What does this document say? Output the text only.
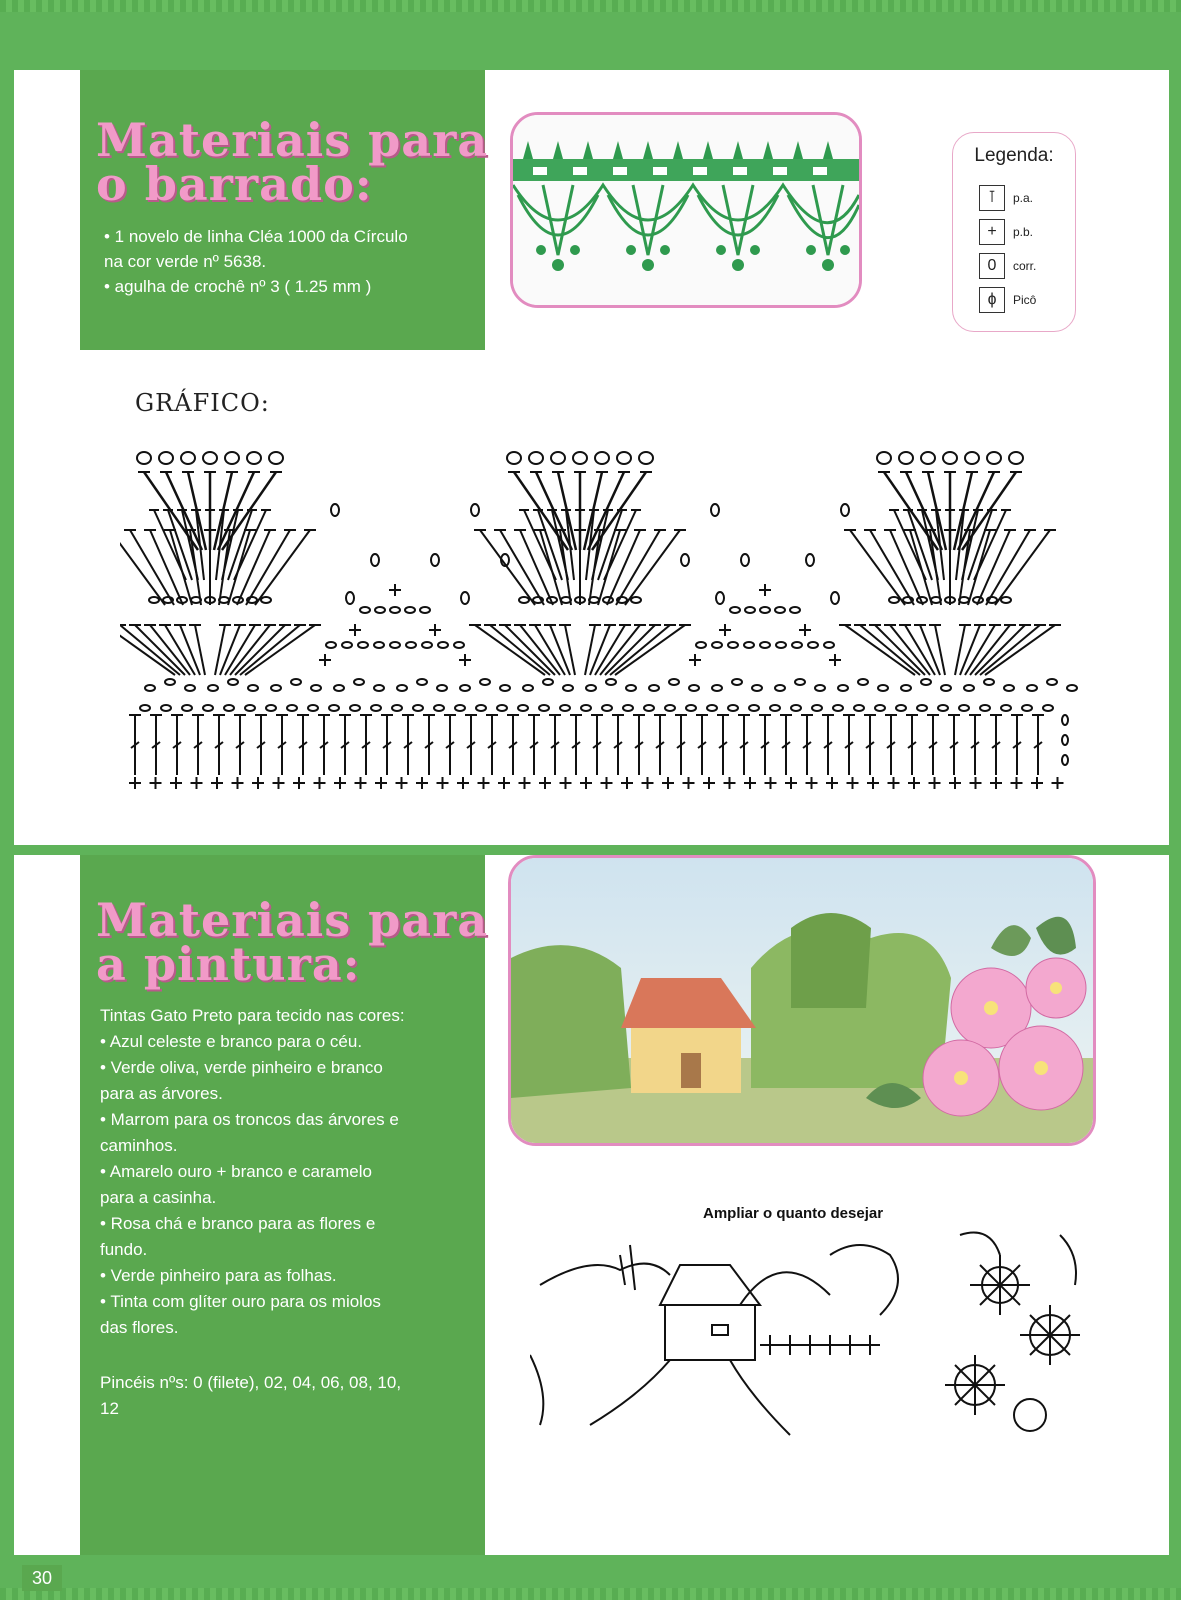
Materiais para
o barrado:
• 1 novelo de linha Cléa 1000 da Círculo
na cor verde nº 5638.
• agulha de crochê nº 3 ( 1.25 mm )
Legenda:
⊺	p.a.
+	p.b.
0	corr.
ɸ	Picô
GRÁFICO:
Materiais para
a pintura:
Tintas Gato Preto para tecido nas cores:
• Azul celeste e branco para o céu.
• Verde oliva, verde pinheiro e branco
para as árvores.
• Marrom para os troncos das árvores e
caminhos.
• Amarelo ouro + branco e caramelo
para a casinha.
• Rosa chá e branco para as flores e
fundo.
• Verde pinheiro para as folhas.
• Tinta com glíter ouro para os miolos
das flores.
Pincéis nºs: 0 (filete), 02, 04, 06, 08, 10,
12
Ampliar o quanto desejar
30
